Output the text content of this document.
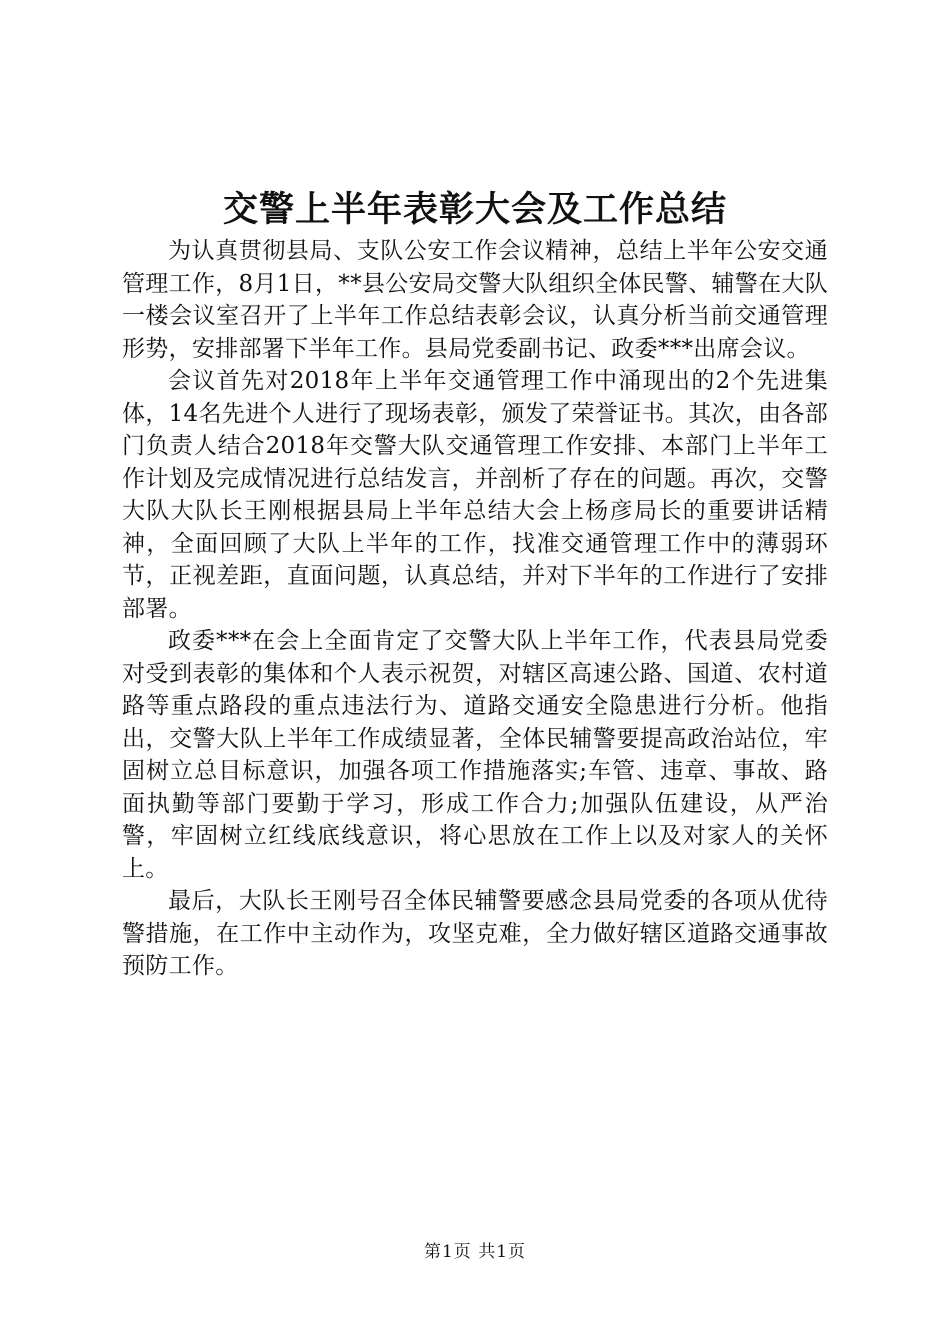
交警上半年表彰大会及工作总结

为认真贯彻县局、支队公安工作会议精神，总结上半年公安交通管理工作，8月1日，**县公安局交警大队组织全体民警、辅警在大队一楼会议室召开了上半年工作总结表彰会议，认真分析当前交通管理形势，安排部署下半年工作。县局党委副书记、政委***出席会议。

会议首先对2018年上半年交通管理工作中涌现出的2个先进集体，14名先进个人进行了现场表彰，颁发了荣誉证书。其次，由各部门负责人结合2018年交警大队交通管理工作安排、本部门上半年工作计划及完成情况进行总结发言，并剖析了存在的问题。再次，交警大队大队长王刚根据县局上半年总结大会上杨彦局长的重要讲话精神，全面回顾了大队上半年的工作，找准交通管理工作中的薄弱环节，正视差距，直面问题，认真总结，并对下半年的工作进行了安排部署。

政委***在会上全面肯定了交警大队上半年工作，代表县局党委对受到表彰的集体和个人表示祝贺，对辖区高速公路、国道、农村道路等重点路段的重点违法行为、道路交通安全隐患进行分析。他指出，交警大队上半年工作成绩显著，全体民辅警要提高政治站位，牢固树立总目标意识，加强各项工作措施落实;车管、违章、事故、路面执勤等部门要勤于学习，形成工作合力;加强队伍建设，从严治警，牢固树立红线底线意识，将心思放在工作上以及对家人的关怀上。

最后，大队长王刚号召全体民辅警要感念县局党委的各项从优待警措施，在工作中主动作为，攻坚克难，全力做好辖区道路交通事故预防工作。

第1页 共1页
